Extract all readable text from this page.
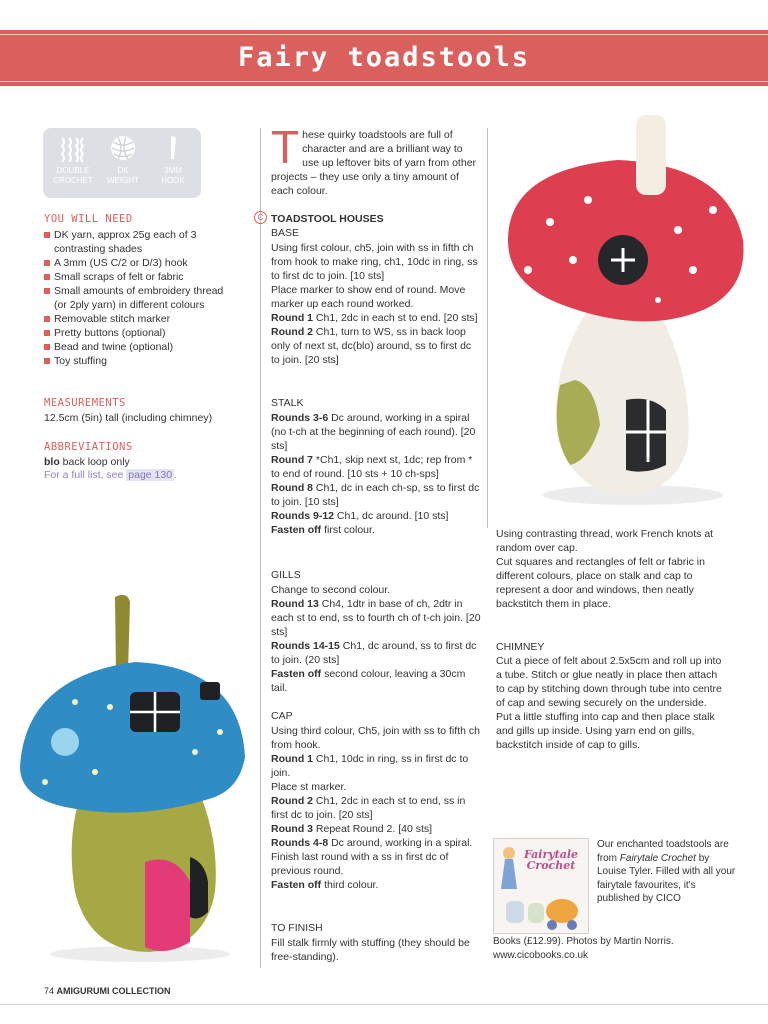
Fairy toadstools
DOUBLE
CROCHET
DK
WEIGHT
3MM
HOOK
YOU WILL NEED
DK yarn, approx 25g each of 3 contrasting shades
A 3mm (US C/2 or D/3) hook
Small scraps of felt or fabric
Small amounts of embroidery thread (or 2ply yarn) in different colours
Removable stitch marker
Pretty buttons (optional)
Bead and twine (optional)
Toy stuffing
MEASUREMENTS
12.5cm (5in) tall (including chimney)
ABBREVIATIONS
blo back loop only
For a full list, see page 130 .
These quirky toadstools are full of character and are a brilliant way to use up leftover bits of yarn from other projects – they use only a tiny amount of each colour.
C TOADSTOOL HOUSES
BASE
Using first colour, ch5, join with ss in fifth ch from hook to make ring, ch1, 10dc in ring, ss to first dc to join. [10 sts]
Place marker to show end of round. Move marker up each round worked.
Round 1 Ch1, 2dc in each st to end. [20 sts]
Round 2 Ch1, turn to WS, ss in back loop only of next st, dc(blo) around, ss to first dc to join. [20 sts]
STALK
Rounds 3-6 Dc around, working in a spiral (no t-ch at the beginning of each round). [20 sts]
Round 7 *Ch1, skip next st, 1dc; rep from * to end of round. [10 sts + 10 ch-sps]
Round 8 Ch1, dc in each ch-sp, ss to first dc to join. [10 sts]
Rounds 9-12 Ch1, dc around. [10 sts]
Fasten off first colour.
GILLS
Change to second colour.
Round 13 Ch4, 1dtr in base of ch, 2dtr in each st to end, ss to fourth ch of t-ch join. [20 sts]
Rounds 14-15 Ch1, dc around, ss to first dc to join. (20 sts]
Fasten off second colour, leaving a 30cm tail.
CAP
Using third colour, Ch5, join with ss to fifth ch from hook.
Round 1 Ch1, 10dc in ring, ss in first dc to join.
Place st marker.
Round 2 Ch1, 2dc in each st to end, ss in first dc to join. [20 sts]
Round 3 Repeat Round 2. [40 sts]
Rounds 4-8 Dc around, working in a spiral.
Finish last round with a ss in first dc of previous round.
Fasten off third colour.
TO FINISH
Fill stalk firmly with stuffing (they should be free-standing).
Using contrasting thread, work French knots at random over cap.
Cut squares and rectangles of felt or fabric in different colours, place on stalk and cap to represent a door and windows, then neatly backstitch them in place.
CHIMNEY
Cut a piece of felt about 2.5x5cm and roll up into a tube. Stitch or glue neatly in place then attach to cap by stitching down through tube into centre of cap and sewing securely on the underside.
Put a little stuffing into cap and then place stalk and gills up inside. Using yarn end on gills, backstitch inside of cap to gills.
Fairytale Crochet
Our enchanted toadstools are from Fairytale Crochet by Louise Tyler. Filled with all your fairytale favourites, it's published by CICO
Books (£12.99). Photos by Martin Norris.
www.cicobooks.co.uk
74 AMIGURUMI COLLECTION
